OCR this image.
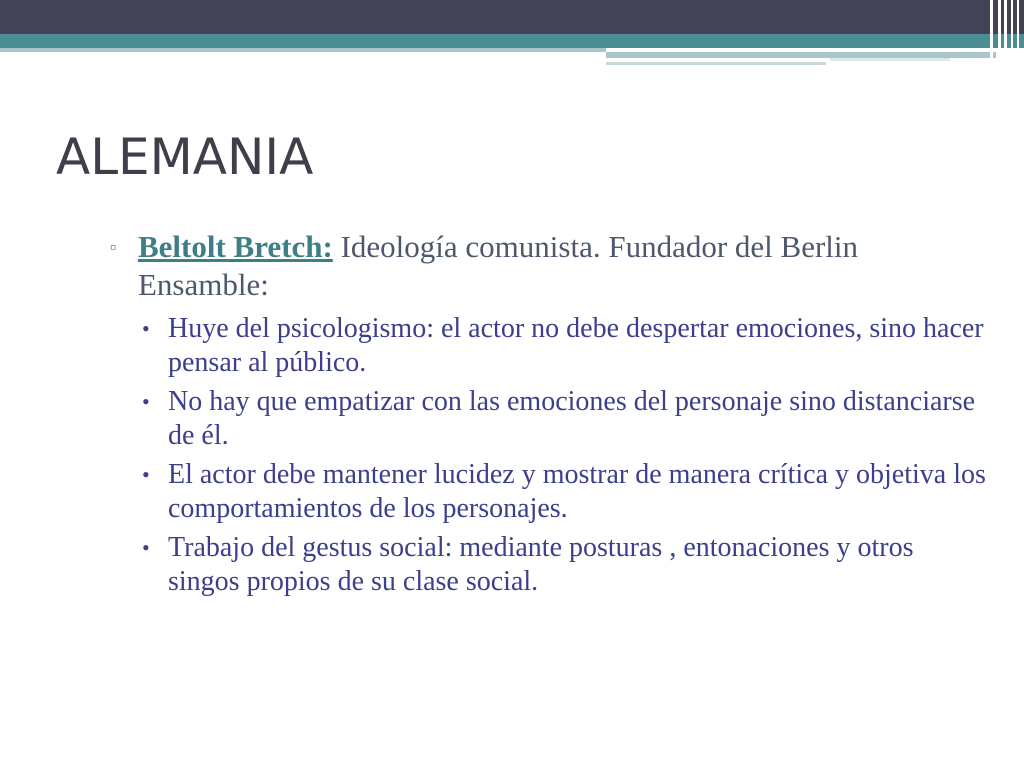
ALEMANIA
▫ Beltolt Bretch: Ideología comunista. Fundador del Berlin Ensamble:
• Huye del psicologismo: el actor no debe despertar emociones, sino hacer pensar al público.
• No hay que empatizar con las emociones del personaje sino distanciarse de él.
• El actor debe mantener lucidez y mostrar de manera crítica y objetiva los comportamientos de los personajes.
• Trabajo del gestus social: mediante posturas , entonaciones y otros singos propios de su clase social.
